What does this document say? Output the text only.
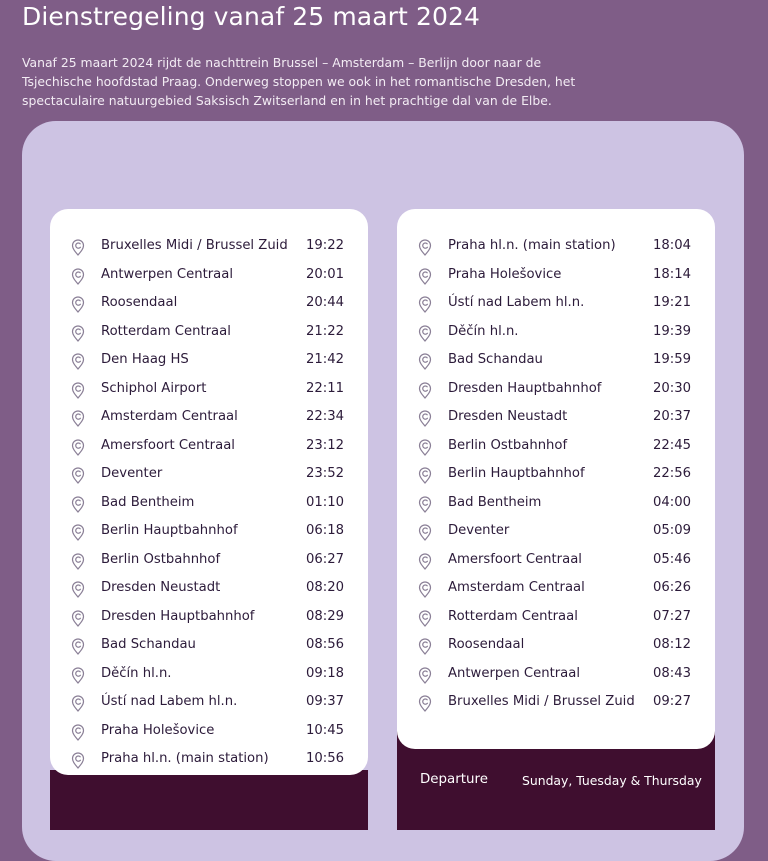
Dienstregeling vanaf 25 maart 2024

Vanaf 25 maart 2024 rijdt de nachttrein Brussel – Amsterdam – Berlijn door naar de Tsjechische hoofdstad Praag. Onderweg stoppen we ook in het romantische Dresden, het spectaculaire natuurgebied Saksisch Zwitserland en in het prachtige dal van de Elbe.

Departure	Sunday, Tuesday & Thursday
Bruxelles Midi / Brussel Zuid 19:22
Antwerpen Centraal	20:01
Roosendaal	20:44
Rotterdam Centraal	21:22
Den Haag HS	21:42
Schiphol Airport	22:11
Amsterdam Centraal	22:34
Amersfoort Centraal	23:12
Deventer	23:52
Bad Bentheim	01:10
Berlin Hauptbahnhof	06:18
Berlin Ostbahnhof	06:27
Dresden Neustadt	08:20
Dresden Hauptbahnhof	08:29
Bad Schandau	08:56
Děčín hl.n.	09:18
Ústí nad Labem hl.n.	09:37
Praha Holešovice	10:45
Praha hl.n. (main station)	10:56
Praha hl.n. (main station)	18:04
Praha Holešovice	18:14
Ústí nad Labem hl.n.	19:21
Děčín hl.n.	19:39
Bad Schandau	19:59
Dresden Hauptbahnhof	20:30
Dresden Neustadt	20:37
Berlin Ostbahnhof	22:45
Berlin Hauptbahnhof	22:56
Bad Bentheim	04:00
Deventer	05:09
Amersfoort Centraal	05:46
Amsterdam Centraal	06:26
Rotterdam Centraal	07:27
Roosendaal	08:12
Antwerpen Centraal	08:43
Bruxelles Midi / Brussel Zuid 09:27
